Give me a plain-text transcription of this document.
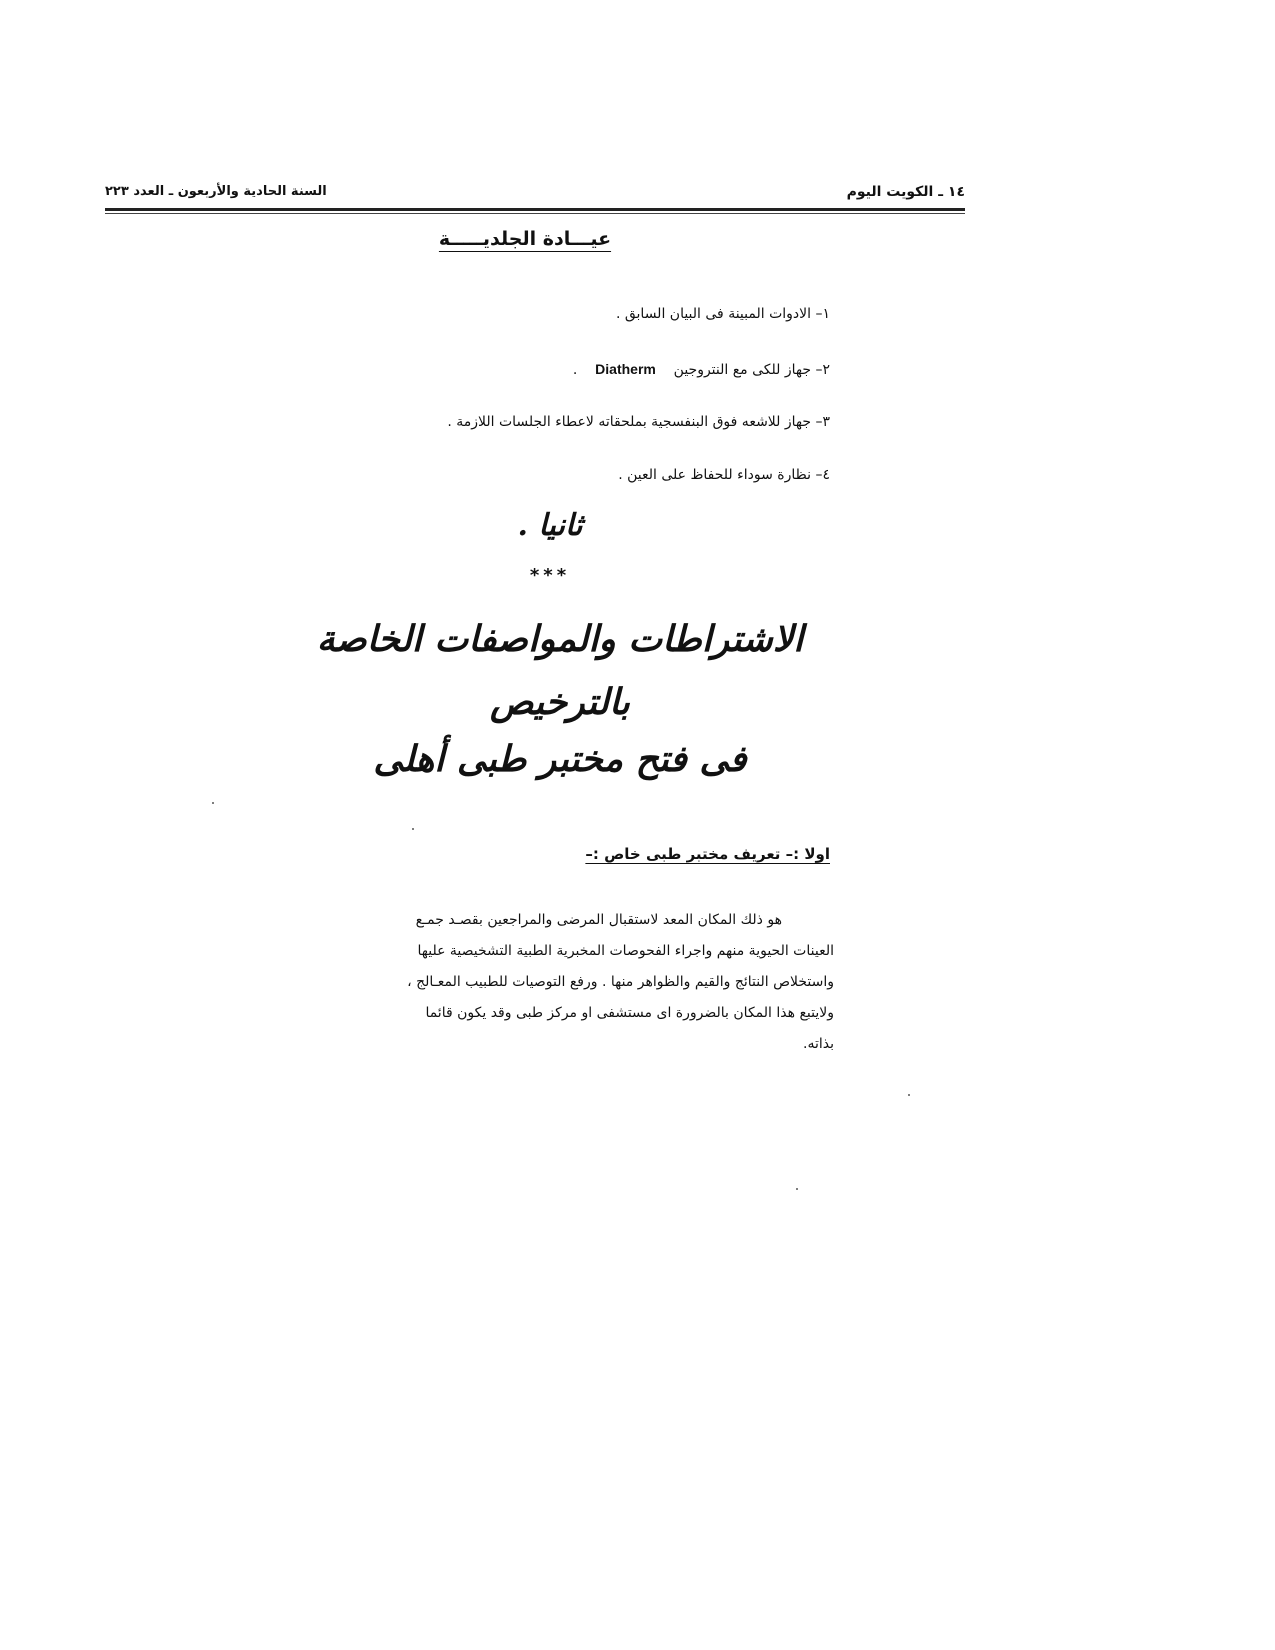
١٤ ـ الكويت اليوم
السنة الحادية والأربعون ـ العدد ٢٢٣
عيـــادة الجلديـــــة
١– الادوات المبينة فى البيان السابق .
٢– جهاز للكى مع النتروجين    Diatherm    .
٣– جهاز للاشعه فوق البنفسجية بملحقاته لاعطاء الجلسات اللازمة .
٤– نظارة سوداء للحفاظ على العين .
ثانيا .
***
الاشتراطات والمواصفات الخاصة
بالترخيص
فى فتح مختبر طبى أهلى
اولا :– تعريف مختبر طبى خاص :–

هو ذلك المكان المعد لاستقبال المرضى والمراجعين بقصـد جمـع

العينات الحيوية منهم واجراء الفحوصات المخبرية الطبية التشخيصية عليها

واستخلاص النتائج والقيم والظواهر منها . ورفع التوصيات للطبيب المعـالج ،

ولايتبع هذا المكان بالضرورة اى مستشفى او مركز طبى وقد يكون قائما

بذاته.
